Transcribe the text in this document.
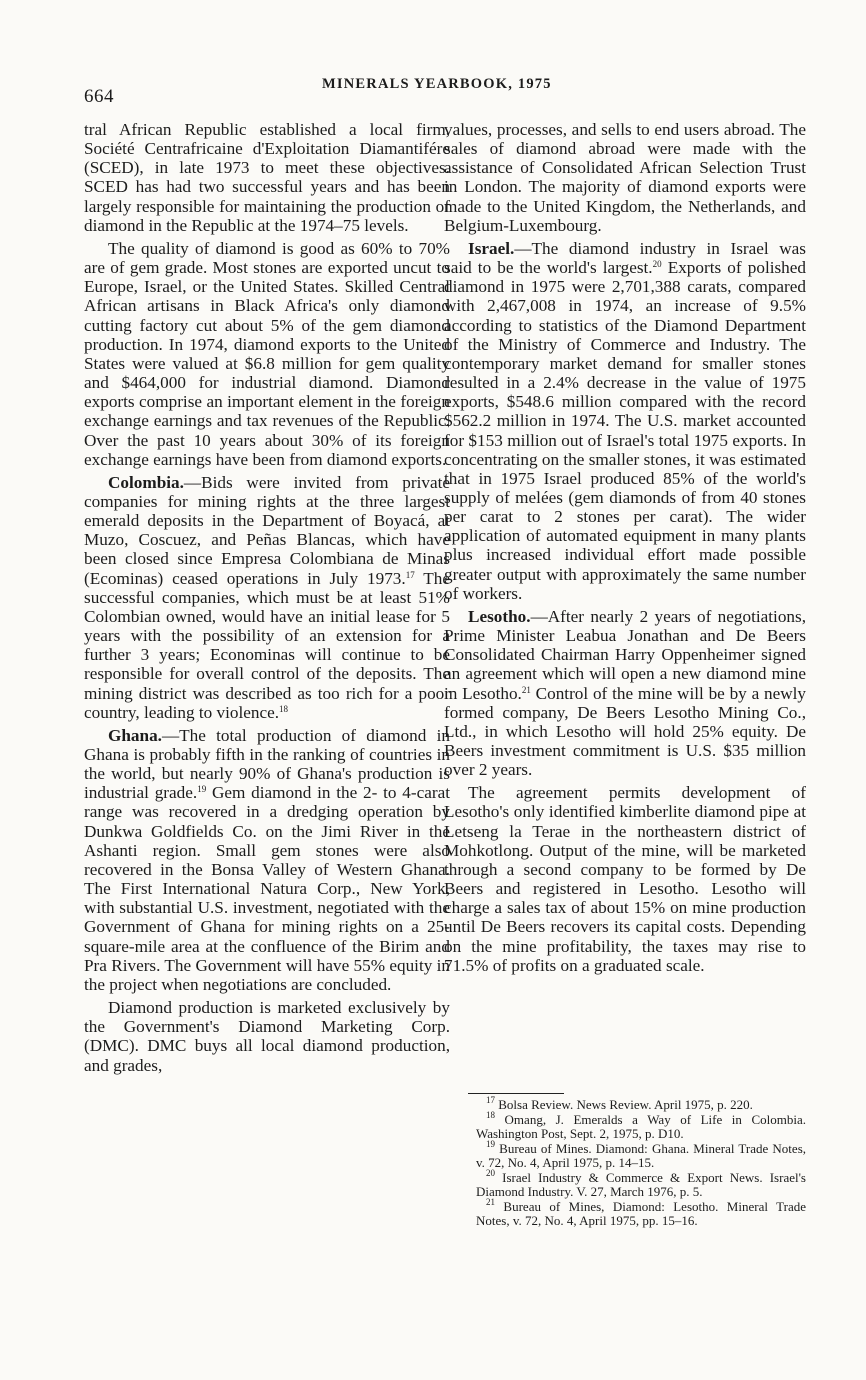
664
MINERALS YEARBOOK, 1975

tral African Republic established a local firm, Société Centrafricaine d'Exploitation Diamantifére (SCED), in late 1973 to meet these objectives. SCED has had two successful years and has been largely responsible for maintaining the production of diamond in the Republic at the 1974–75 levels.

The quality of diamond is good as 60% to 70% are of gem grade. Most stones are exported uncut to Europe, Israel, or the United States. Skilled Central African artisans in Black Africa's only diamond cutting factory cut about 5% of the gem diamond production. In 1974, diamond exports to the United States were valued at $6.8 million for gem quality and $464,000 for industrial diamond. Diamond exports comprise an important element in the foreign exchange earnings and tax revenues of the Republic. Over the past 10 years about 30% of its foreign exchange earnings have been from diamond exports.

Colombia.—Bids were invited from private companies for mining rights at the three largest emerald deposits in the Department of Boyacá, at Muzo, Coscuez, and Peñas Blancas, which have been closed since Empresa Colombiana de Minas (Ecominas) ceased operations in July 1973.17 The successful companies, which must be at least 51% Colombian owned, would have an initial lease for 5 years with the possibility of an extension for a further 3 years; Econominas will continue to be responsible for overall control of the deposits. The mining district was described as too rich for a poor country, leading to violence.$^{18}$

Ghana.—The total production of diamond in Ghana is probably fifth in the ranking of countries in the world, but nearly 90% of Ghana's production is industrial grade.$^{19}$ Gem diamond in the 2- to 4-carat range was recovered in a dredging operation by Dunkwa Goldfields Co. on the Jimi River in the Ashanti region. Small gem stones were also recovered in the Bonsa Valley of Western Ghana. The First International Natura Corp., New York, with substantial U.S. investment, negotiated with the Government of Ghana for mining rights on a 25-square-mile area at the confluence of the Birim and Pra Rivers. The Government will have 55% equity in the project when negotiations are concluded.

Diamond production is marketed exclusively by the Government's Diamond Marketing Corp. (DMC). DMC buys all local diamond production, and grades,

values, processes, and sells to end users abroad. The sales of diamond abroad were made with the assistance of Consolidated African Selection Trust in London. The majority of diamond exports were made to the United Kingdom, the Netherlands, and Belgium-Luxembourg.

Israel.—The diamond industry in Israel was said to be the world's largest.$^{20}$ Exports of polished diamond in 1975 were 2,701,388 carats, compared with 2,467,008 in 1974, an increase of 9.5% according to statistics of the Diamond Department of the Ministry of Commerce and Industry. The contemporary market demand for smaller stones resulted in a 2.4% decrease in the value of 1975 exports, $548.6 million compared with the record $562.2 million in 1974. The U.S. market accounted for $153 million out of Israel's total 1975 exports. In concentrating on the smaller stones, it was estimated that in 1975 Israel produced 85% of the world's supply of melées (gem diamonds of from 40 stones per carat to 2 stones per carat). The wider application of automated equipment in many plants plus increased individual effort made possible greater output with approximately the same number of workers.

Lesotho.—After nearly 2 years of negotiations, Prime Minister Leabua Jonathan and De Beers Consolidated Chairman Harry Oppenheimer signed an agreement which will open a new diamond mine in Lesotho.$^{21}$ Control of the mine will be by a newly formed company, De Beers Lesotho Mining Co., Ltd., in which Lesotho will hold 25% equity. De Beers investment commitment is U.S. $35 million over 2 years.

The agreement permits development of Lesotho's only identified kimberlite diamond pipe at Letseng la Terae in the northeastern district of Mohkotlong. Output of the mine, will be marketed through a second company to be formed by De Beers and registered in Lesotho. Lesotho will charge a sales tax of about 15% on mine production until De Beers recovers its capital costs. Depending on the mine profitability, the taxes may rise to 71.5% of profits on a graduated scale.

$^{17}$ Bolsa Review. News Review. April 1975, p. 220.

$^{18}$ Omang, J. Emeralds a Way of Life in Colombia. Washington Post, Sept. 2, 1975, p. D10.

$^{19}$ Bureau of Mines. Diamond: Ghana. Mineral Trade Notes, v. 72, No. 4, April 1975, p. 14–15.

$^{20}$ Israel Industry & Commerce & Export News. Israel's Diamond Industry. V. 27, March 1976, p. 5.

$^{21}$ Bureau of Mines, Diamond: Lesotho. Mineral Trade Notes, v. 72, No. 4, April 1975, pp. 15–16.
